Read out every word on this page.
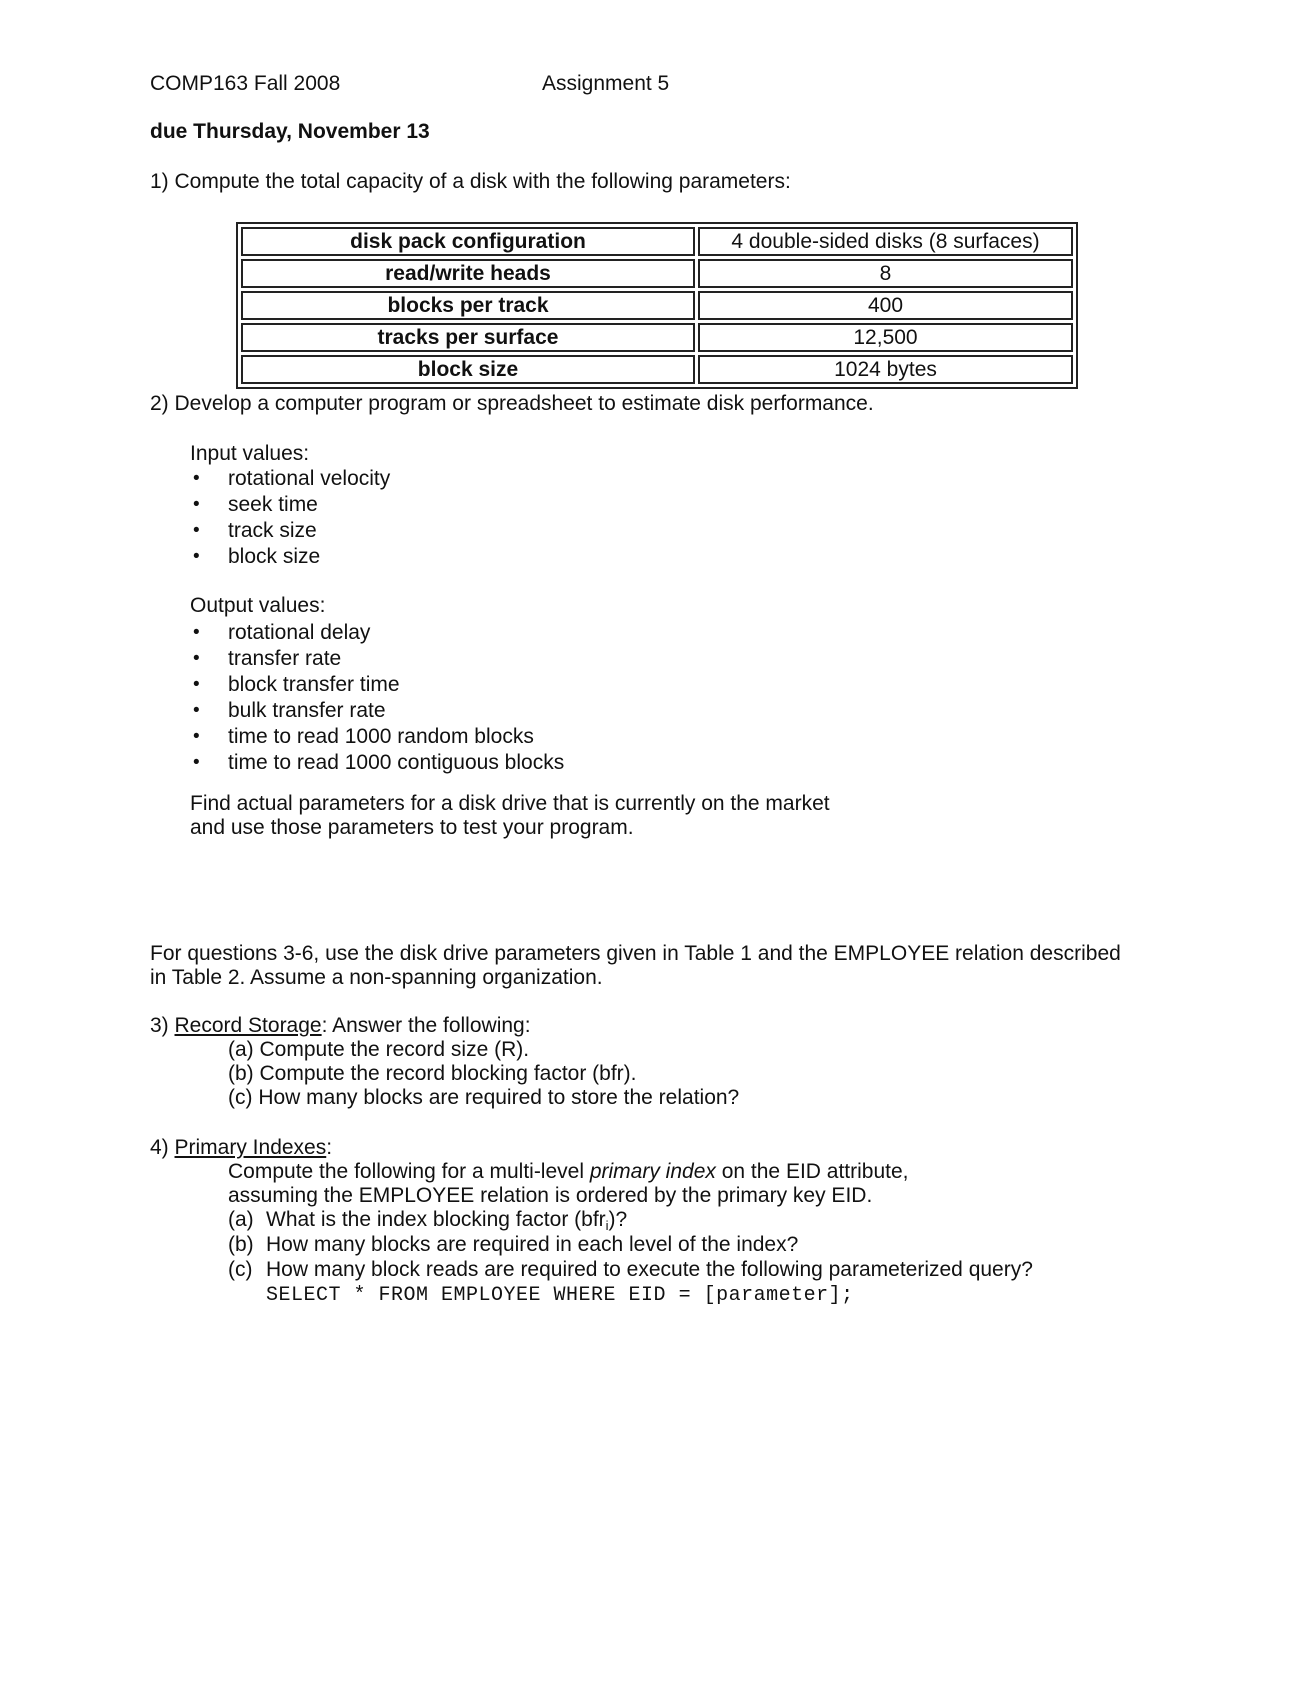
COMP163 Fall 2008	Assignment 5
due Thursday, November 13
1) Compute the total capacity of a disk with the following parameters:
disk pack configuration	4 double-sided disks (8 surfaces)
read/write heads	8
blocks per track	400
tracks per surface	12,500
block size	1024 bytes
2) Develop a computer program or spreadsheet to estimate disk performance.
Input values:
• rotational velocity
• seek time
• track size
• block size
Output values:
• rotational delay
• transfer rate
• block transfer time
• bulk transfer rate
• time to read 1000 random blocks
• time to read 1000 contiguous blocks
Find actual parameters for a disk drive that is currently on the market
and use those parameters to test your program.
For questions 3-6, use the disk drive parameters given in Table 1 and the EMPLOYEE relation described
in Table 2. Assume a non-spanning organization.
3) Record Storage: Answer the following:
(a) Compute the record size (R).
(b) Compute the record blocking factor (bfr).
(c) How many blocks are required to store the relation?
4) Primary Indexes:
Compute the following for a multi-level primary index on the EID attribute,
assuming the EMPLOYEE relation is ordered by the primary key EID.
(a) What is the index blocking factor (bfr$_i$)?
(b) How many blocks are required in each level of the index?
(c) How many block reads are required to execute the following parameterized query?
SELECT * FROM EMPLOYEE WHERE EID = [parameter];
